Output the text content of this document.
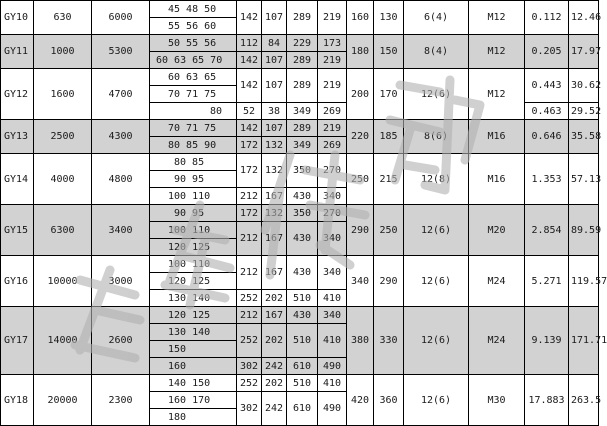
GY10	630	6000	45 48 50	142	107	289	219	160	130	6(4)	M12	0.112	12.46
			55 56 60										
GY11	1000	5300	50 55 56	112	84	229	173	180	150	8(4)	M12	0.205	17.97
			60 63 65 70	142	107	289	219						
GY12	1600	4700	60 63 65	142	107	289	219	200	170	12(6)	M12	0.443	30.62
			70 71 75										
			80	52	38	349	269					0.463	29.52
GY13	2500	4300	70 71 75	142	107	289	219	220	185	8(6)	M16	0.646	35.58
			80 85 90	172	132	349	269						
GY14	4000	4800	80 85	172	132	350	270	250	215	12(8)	M16	1.353	57.13
			90 95										
			100 110	212	167	430	340						
GY15	6300	3400	90 95	172	132	350	270	290	250	12(6)	M20	2.854	89.59
			100 110	212	167	430	340						
			120 125										
GY16	10000	3000	100 110	212	167	430	340	340	290	12(6)	M24	5.271	119.57
			120 125										
			130 140	252	202	510	410						
GY17	14000	2600	120 125	212	167	430	340	380	330	12(6)	M24	9.139	171.71
			130 140	252	202	510	410						
			150										
			160	302	242	610	490						
GY18	20000	2300	140 150	252	202	510	410	420	360	12(6)	M30	17.883	263.5
			160 170	302	242	610	490						
			180										
